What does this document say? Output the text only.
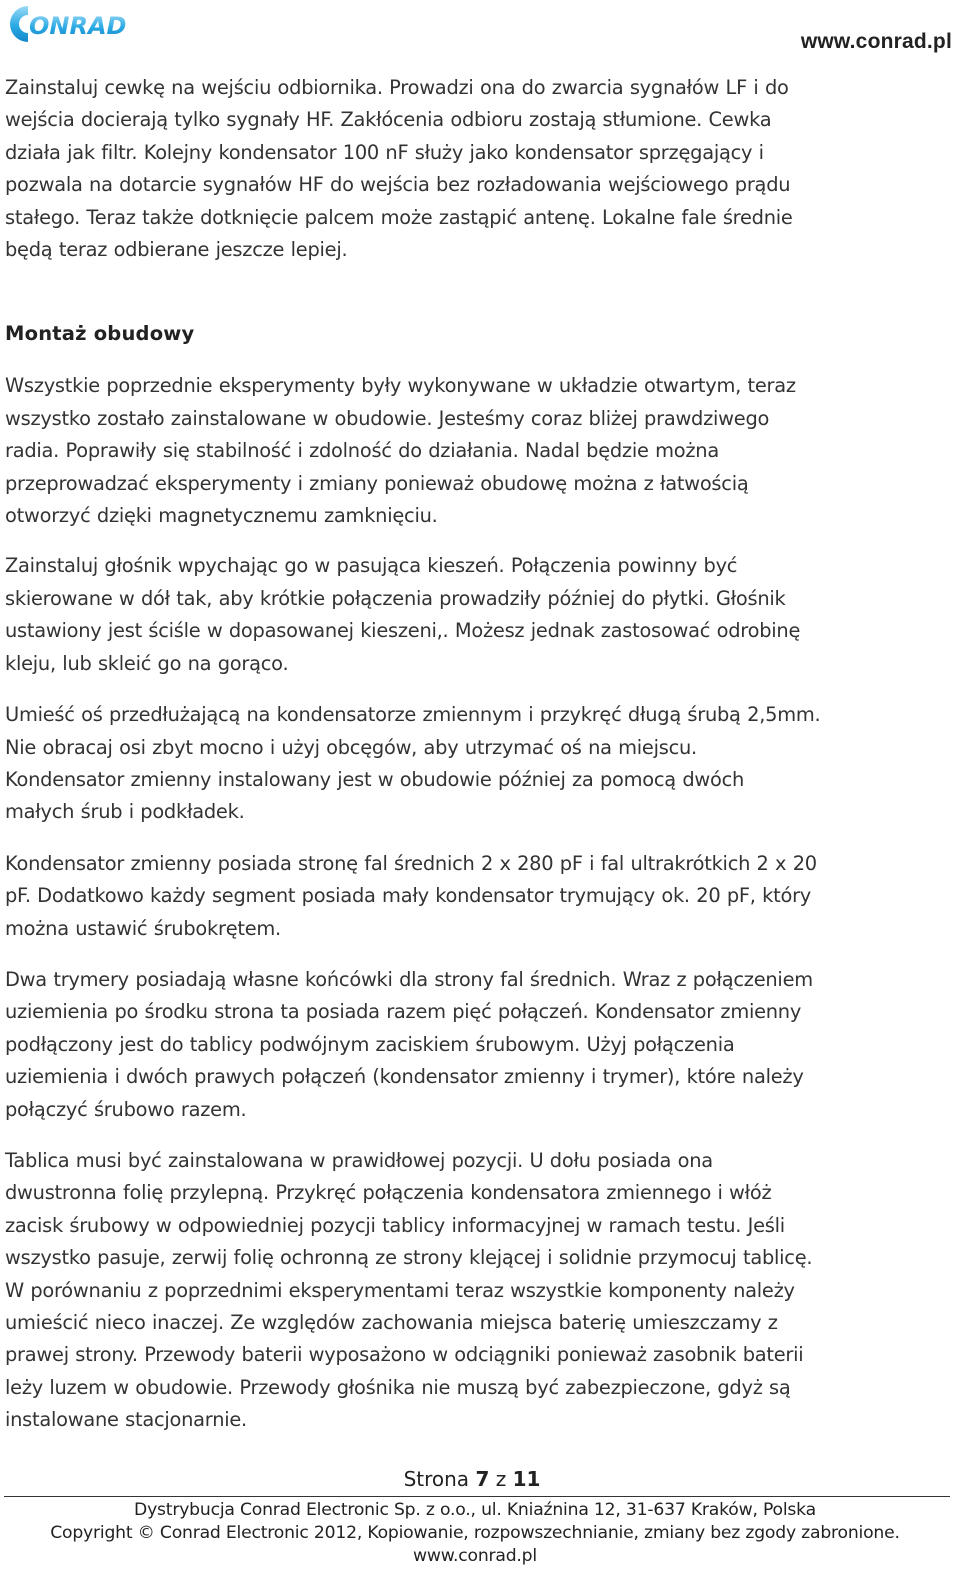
ONRAD
www.conrad.pl

Zainstaluj cewkę na wejściu odbiornika. Prowadzi ona do zwarcia sygnałów LF i do
wejścia docierają tylko sygnały HF. Zakłócenia odbioru zostają stłumione. Cewka
działa jak filtr. Kolejny kondensator 100 nF służy jako kondensator sprzęgający i
pozwala na dotarcie sygnałów HF do wejścia bez rozładowania wejściowego prądu
stałego. Teraz także dotknięcie palcem może zastąpić antenę. Lokalne fale średnie
będą teraz odbierane jeszcze lepiej.

Montaż obudowy

Wszystkie poprzednie eksperymenty były wykonywane w układzie otwartym, teraz
wszystko zostało zainstalowane w obudowie. Jesteśmy coraz bliżej prawdziwego
radia. Poprawiły się stabilność i zdolność do działania. Nadal będzie można
przeprowadzać eksperymenty i zmiany ponieważ obudowę można z łatwością
otworzyć dzięki magnetycznemu zamknięciu.

Zainstaluj głośnik wpychając go w pasująca kieszeń. Połączenia powinny być
skierowane w dół tak, aby krótkie połączenia prowadziły później do płytki. Głośnik
ustawiony jest ściśle w dopasowanej kieszeni,. Możesz jednak zastosować odrobinę
kleju, lub skleić go na gorąco.

Umieść oś przedłużającą na kondensatorze zmiennym i przykręć długą śrubą 2,5mm.
Nie obracaj osi zbyt mocno i użyj obcęgów, aby utrzymać oś na miejscu.
Kondensator zmienny instalowany jest w obudowie później za pomocą dwóch
małych śrub i podkładek.

Kondensator zmienny posiada stronę fal średnich 2 x 280 pF i fal ultrakrótkich 2 x 20
pF. Dodatkowo każdy segment posiada mały kondensator trymujący ok. 20 pF, który
można ustawić śrubokrętem.

Dwa trymery posiadają własne końcówki dla strony fal średnich. Wraz z połączeniem
uziemienia po środku strona ta posiada razem pięć połączeń. Kondensator zmienny
podłączony jest do tablicy podwójnym zaciskiem śrubowym. Użyj połączenia
uziemienia i dwóch prawych połączeń (kondensator zmienny i trymer), które należy
połączyć śrubowo razem.

Tablica musi być zainstalowana w prawidłowej pozycji. U dołu posiada ona
dwustronna folię przylepną. Przykręć połączenia kondensatora zmiennego i włóż
zacisk śrubowy w odpowiedniej pozycji tablicy informacyjnej w ramach testu. Jeśli
wszystko pasuje, zerwij folię ochronną ze strony klejącej i solidnie przymocuj tablicę.
W porównaniu z poprzednimi eksperymentami teraz wszystkie komponenty należy
umieścić nieco inaczej. Ze względów zachowania miejsca baterię umieszczamy z
prawej strony. Przewody baterii wyposażono w odciągniki ponieważ zasobnik baterii
leży luzem w obudowie. Przewody głośnika nie muszą być zabezpieczone, gdyż są
instalowane stacjonarnie.

Strona 7 z 11
Dystrybucja Conrad Electronic Sp. z o.o., ul. Kniaźnina 12, 31-637 Kraków, Polska
Copyright © Conrad Electronic 2012, Kopiowanie, rozpowszechnianie, zmiany bez zgody zabronione.
www.conrad.pl
